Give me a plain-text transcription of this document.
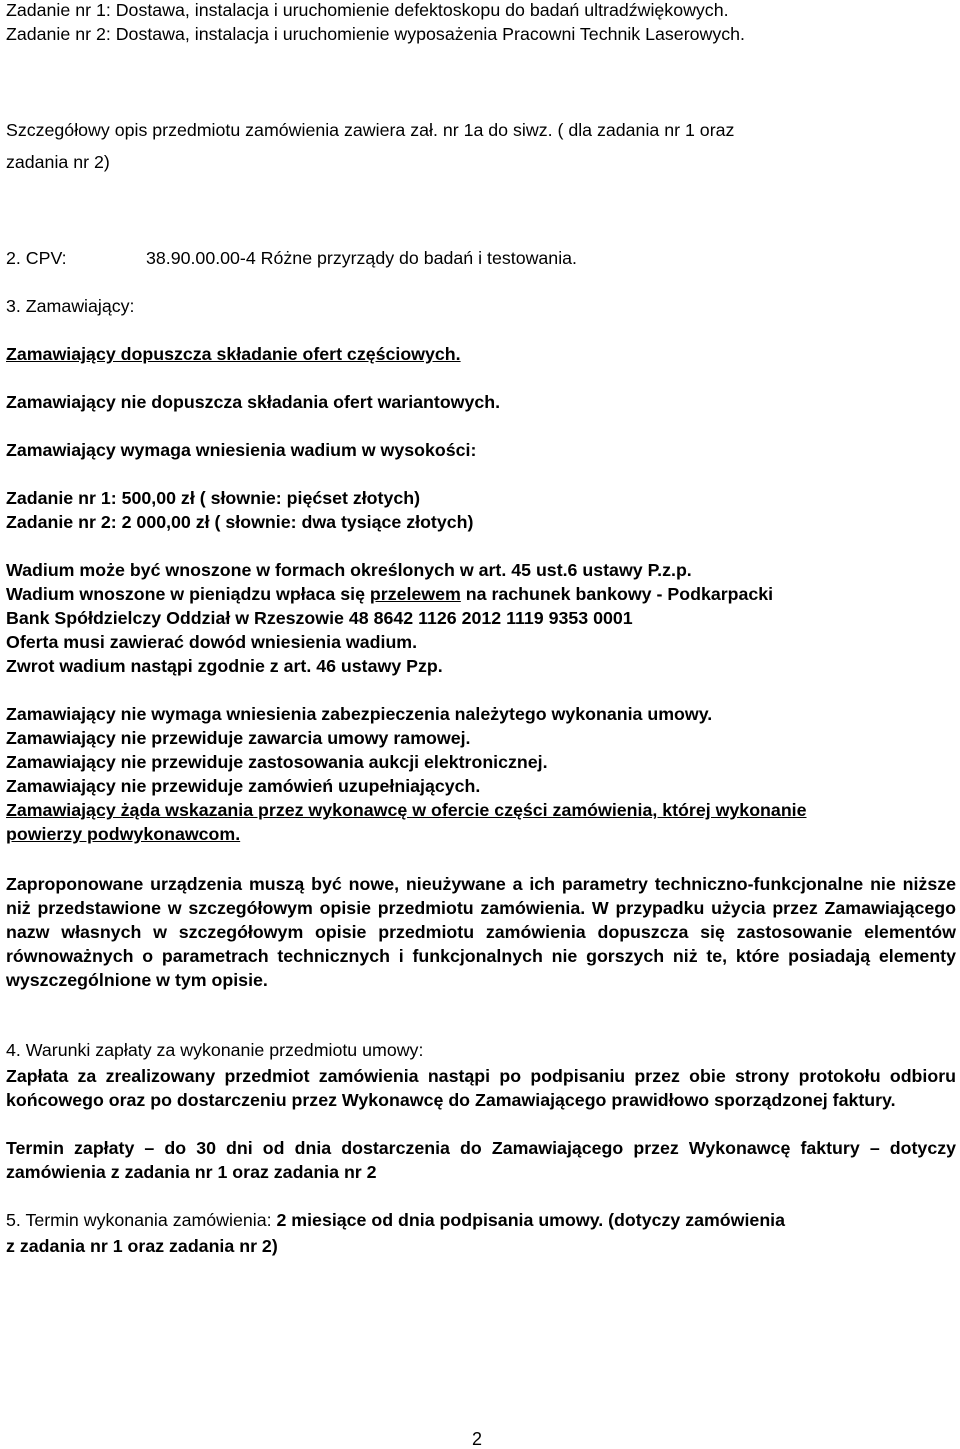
Zadanie nr 1: Dostawa, instalacja i uruchomienie defektoskopu do badań ultradźwiękowych.

Zadanie nr 2: Dostawa, instalacja i uruchomienie wyposażenia Pracowni Technik Laserowych.

Szczegółowy opis przedmiotu zamówienia zawiera zał. nr 1a do siwz. ( dla zadania nr 1 oraz

zadania nr 2)

2. CPV:	38.90.00.00-4 Różne przyrządy do badań i testowania.

3. Zamawiający:

Zamawiający dopuszcza składanie ofert częściowych.

Zamawiający nie dopuszcza składania ofert wariantowych.

Zamawiający wymaga wniesienia wadium w wysokości:

Zadanie nr 1: 500,00 zł ( słownie: pięćset złotych)

Zadanie nr 2: 2 000,00 zł ( słownie: dwa tysiące złotych)

Wadium może być wnoszone w formach określonych w art. 45 ust.6 ustawy P.z.p.

Wadium wnoszone w pieniądzu wpłaca się przelewem na rachunek bankowy - Podkarpacki

Bank Spółdzielczy Oddział w Rzeszowie 48 8642 1126 2012 1119 9353 0001

Oferta musi zawierać dowód wniesienia wadium.

Zwrot wadium nastąpi zgodnie z art. 46 ustawy Pzp.

Zamawiający nie wymaga wniesienia zabezpieczenia należytego wykonania umowy.

Zamawiający nie przewiduje zawarcia umowy ramowej.

Zamawiający nie przewiduje zastosowania aukcji elektronicznej.

Zamawiający nie przewiduje zamówień uzupełniających.

Zamawiający żąda wskazania przez wykonawcę w ofercie części zamówienia, której wykonanie

powierzy podwykonawcom.

Zaproponowane urządzenia muszą być nowe, nieużywane a ich parametry techniczno-funkcjonalne nie niższe niż przedstawione w szczegółowym opisie przedmiotu zamówienia. W przypadku użycia przez Zamawiającego nazw własnych w szczegółowym opisie przedmiotu zamówienia dopuszcza się zastosowanie elementów równoważnych o parametrach technicznych i funkcjonalnych nie gorszych niż te, które posiadają elementy wyszczególnione w tym opisie.

4. Warunki zapłaty za wykonanie przedmiotu umowy:

Zapłata za zrealizowany przedmiot zamówienia nastąpi po podpisaniu przez obie strony protokołu odbioru końcowego oraz po dostarczeniu przez Wykonawcę do Zamawiającego prawidłowo sporządzonej faktury.

Termin zapłaty – do 30 dni od dnia dostarczenia do Zamawiającego przez Wykonawcę faktury – dotyczy zamówienia z zadania nr 1 oraz zadania nr 2

5. Termin wykonania zamówienia: 2 miesiące od dnia podpisania umowy. (dotyczy zamówienia

z zadania nr 1 oraz zadania nr 2)

2
